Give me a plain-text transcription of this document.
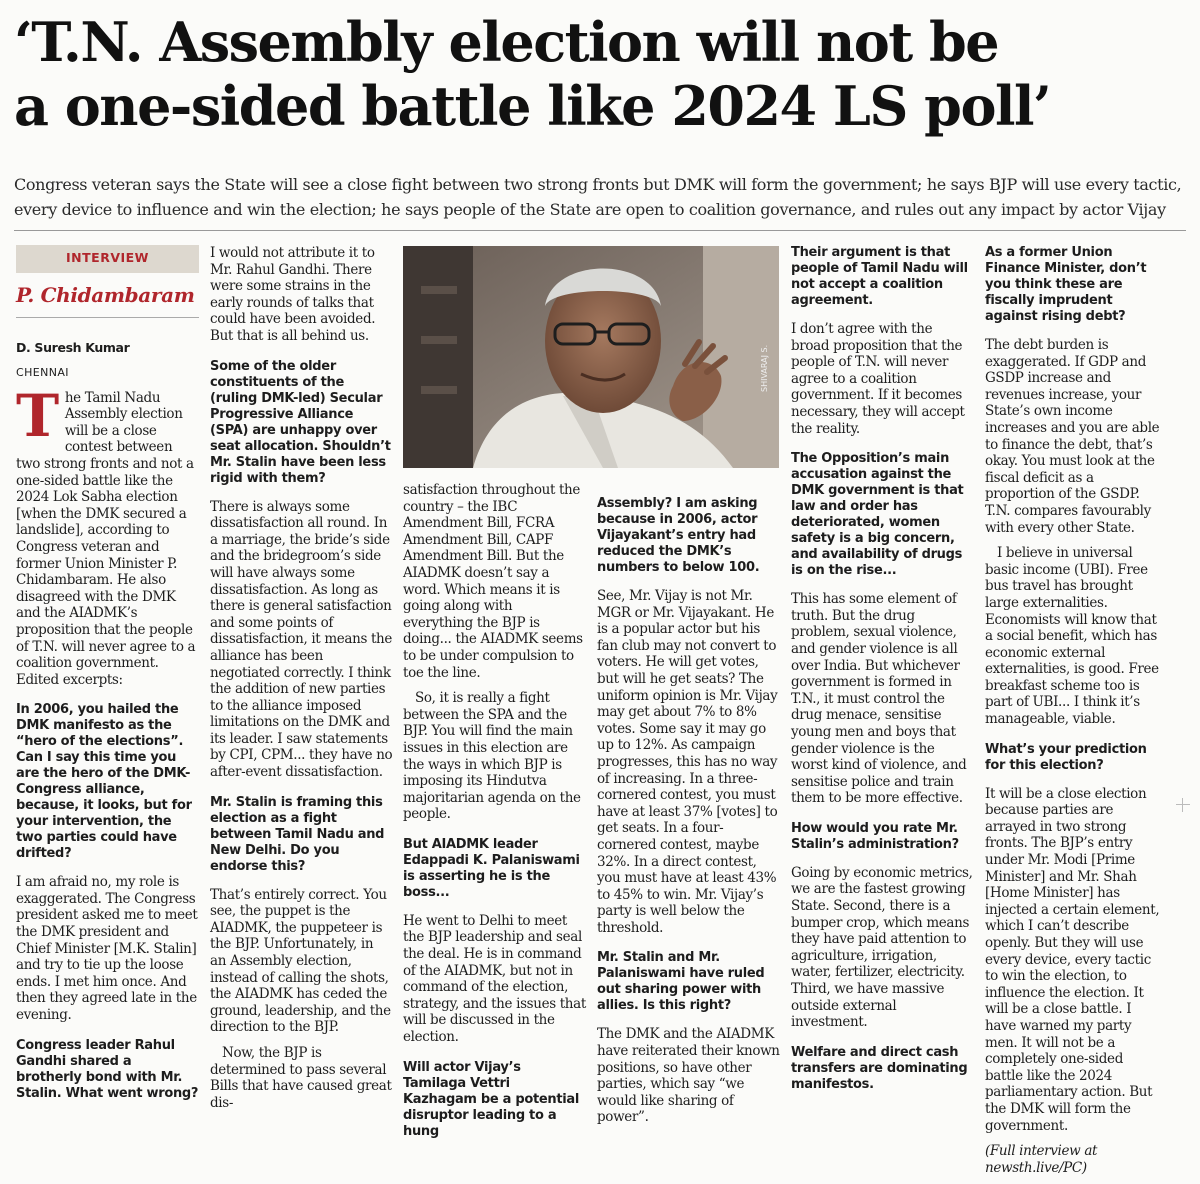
‘T.N. Assembly election will not be
a one-sided battle like 2024 LS poll’
Congress veteran says the State will see a close fight between two strong fronts but DMK will form the government; he says BJP will use every tactic,
every device to influence and win the election; he says people of the State are open to coalition governance, and rules out any impact by actor Vijay
INTERVIEW
P. Chidambaram

D. Suresh Kumar

CHENNAI

The Tamil Nadu Assembly election will be a close contest between two strong fronts and not a one-sided battle like the 2024 Lok Sabha election [when the DMK secured a landslide], according to Congress veteran and former Union Minister P. Chidambaram. He also disagreed with the DMK and the AIADMK’s proposition that the people of T.N. will never agree to a coalition government. Edited excerpts:

In 2006, you hailed the DMK manifesto as the “hero of the elections”. Can I say this time you are the hero of the DMK-Congress alliance, because, it looks, but for your intervention, the two parties could have drifted?

I am afraid no, my role is exaggerated. The Congress president asked me to meet the DMK president and Chief Minister [M.K. Stalin] and try to tie up the loose ends. I met him once. And then they agreed late in the evening.

Congress leader Rahul Gandhi shared a brotherly bond with Mr. Stalin. What went wrong?

I would not attribute it to Mr. Rahul Gandhi. There were some strains in the early rounds of talks that could have been avoided. But that is all behind us.

Some of the older constituents of the (ruling DMK-led) Secular Progressive Alliance (SPA) are unhappy over seat allocation. Shouldn’t Mr. Stalin have been less rigid with them?

There is always some dissatisfaction all round. In a marriage, the bride’s side and the bridegroom’s side will have always some dissatisfaction. As long as there is general satisfaction and some points of dissatisfaction, it means the alliance has been negotiated correctly. I think the addition of new parties to the alliance imposed limitations on the DMK and its leader. I saw statements by CPI, CPM... they have no after-event dissatisfaction.

Mr. Stalin is framing this election as a fight between Tamil Nadu and New Delhi. Do you endorse this?

That’s entirely correct. You see, the puppet is the AIADMK, the puppeteer is the BJP. Unfortunately, in an Assembly election, instead of calling the shots, the AIADMK has ceded the ground, leadership, and the direction to the BJP.

Now, the BJP is determined to pass several Bills that have caused great dis-

SHIVARAJ S.

satisfaction throughout the country – the IBC Amendment Bill, FCRA Amendment Bill, CAPF Amendment Bill. But the AIADMK doesn’t say a word. Which means it is going along with everything the BJP is doing... the AIADMK seems to be under compulsion to toe the line.

So, it is really a fight between the SPA and the BJP. You will find the main issues in this election are the ways in which BJP is imposing its Hindutva majoritarian agenda on the people.

But AIADMK leader Edappadi K. Palaniswami is asserting he is the boss...

He went to Delhi to meet the BJP leadership and seal the deal. He is in command of the AIADMK, but not in command of the election, strategy, and the issues that will be discussed in the election.

Will actor Vijay’s Tamilaga Vettri Kazhagam be a potential disruptor leading to a hung

Assembly? I am asking because in 2006, actor Vijayakant’s entry had reduced the DMK’s numbers to below 100.

See, Mr. Vijay is not Mr. MGR or Mr. Vijayakant. He is a popular actor but his fan club may not convert to voters. He will get votes, but will he get seats? The uniform opinion is Mr. Vijay may get about 7% to 8% votes. Some say it may go up to 12%. As campaign progresses, this has no way of increasing. In a three-cornered contest, you must have at least 37% [votes] to get seats. In a four-cornered contest, maybe 32%. In a direct contest, you must have at least 43% to 45% to win. Mr. Vijay’s party is well below the threshold.

Mr. Stalin and Mr. Palaniswami have ruled out sharing power with allies. Is this right?

The DMK and the AIADMK have reiterated their known positions, so have other parties, which say “we would like sharing of power”.

Their argument is that people of Tamil Nadu will not accept a coalition agreement.

I don’t agree with the broad proposition that the people of T.N. will never agree to a coalition government. If it becomes necessary, they will accept the reality.

The Opposition’s main accusation against the DMK government is that law and order has deteriorated, women safety is a big concern, and availability of drugs is on the rise...

This has some element of truth. But the drug problem, sexual violence, and gender violence is all over India. But whichever government is formed in T.N., it must control the drug menace, sensitise young men and boys that gender violence is the worst kind of violence, and sensitise police and train them to be more effective.

How would you rate Mr. Stalin’s administration?

Going by economic metrics, we are the fastest growing State. Second, there is a bumper crop, which means they have paid attention to agriculture, irrigation, water, fertilizer, electricity. Third, we have massive outside external investment.

Welfare and direct cash transfers are dominating manifestos.

As a former Union Finance Minister, don’t you think these are fiscally imprudent against rising debt?

The debt burden is exaggerated. If GDP and GSDP increase and revenues increase, your State’s own income increases and you are able to finance the debt, that’s okay. You must look at the fiscal deficit as a proportion of the GSDP. T.N. compares favourably with every other State.

I believe in universal basic income (UBI). Free bus travel has brought large externalities. Economists will know that a social benefit, which has economic external externalities, is good. Free breakfast scheme too is part of UBI... I think it’s manageable, viable.

What’s your prediction for this election?

It will be a close election because parties are arrayed in two strong fronts. The BJP’s entry under Mr. Modi [Prime Minister] and Mr. Shah [Home Minister] has injected a certain element, which I can’t describe openly. But they will use every device, every tactic to win the election, to influence the election. It will be a close battle. I have warned my party men. It will not be a completely one-sided battle like the 2024 parliamentary action. But the DMK will form the government.

(Full interview at newsth.live/PC)
